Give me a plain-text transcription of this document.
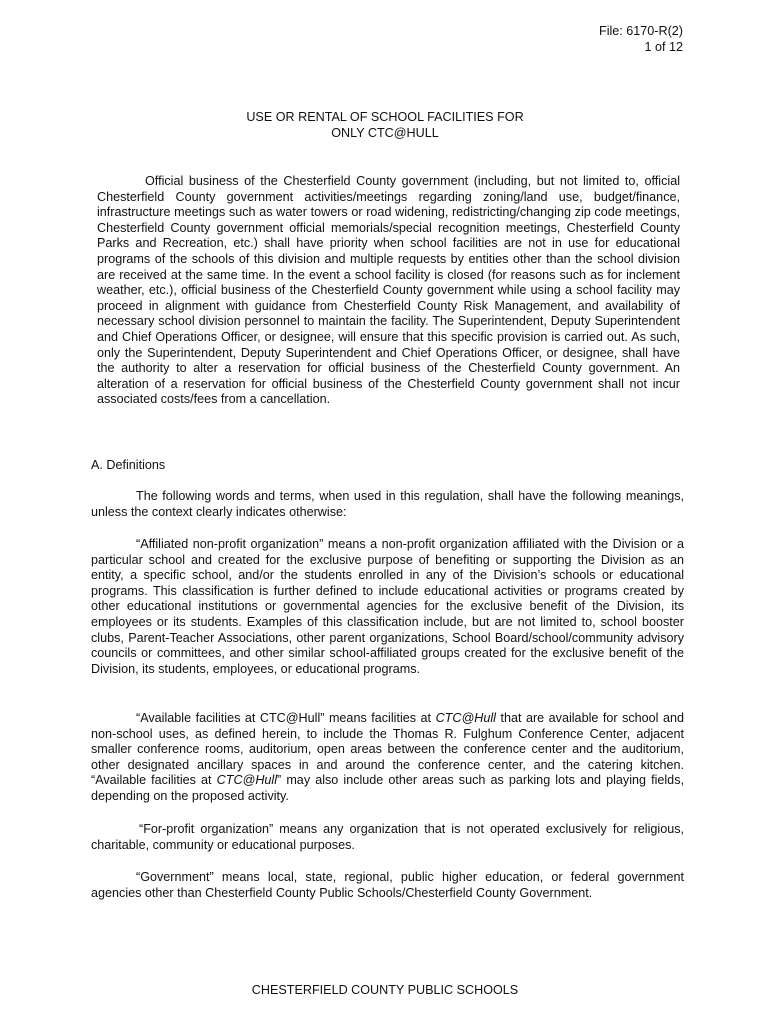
File: 6170-R(2)
1 of 12
USE OR RENTAL OF SCHOOL FACILITIES FOR
ONLY CTC@HULL

Official business of the Chesterfield County government (including, but not limited to, official Chesterfield County government activities/meetings regarding zoning/land use, budget/finance, infrastructure meetings such as water towers or road widening, redistricting/changing zip code meetings, Chesterfield County government official memorials/special recognition meetings, Chesterfield County Parks and Recreation, etc.) shall have priority when school facilities are not in use for educational programs of the schools of this division and multiple requests by entities other than the school division are received at the same time. In the event a school facility is closed (for reasons such as for inclement weather, etc.), official business of the Chesterfield County government while using a school facility may proceed in alignment with guidance from Chesterfield County Risk Management, and availability of necessary school division personnel to maintain the facility. The Superintendent, Deputy Superintendent and Chief Operations Officer, or designee, will ensure that this specific provision is carried out. As such, only the Superintendent, Deputy Superintendent and Chief Operations Officer, or designee, shall have the authority to alter a reservation for official business of the Chesterfield County government. An alteration of a reservation for official business of the Chesterfield County government shall not incur associated costs/fees from a cancellation.

A. Definitions

The following words and terms, when used in this regulation, shall have the following meanings, unless the context clearly indicates otherwise:

“Affiliated non-profit organization” means a non-profit organization affiliated with the Division or a particular school and created for the exclusive purpose of benefiting or supporting the Division as an entity, a specific school, and/or the students enrolled in any of the Division’s schools or educational programs. This classification is further defined to include educational activities or programs created by other educational institutions or governmental agencies for the exclusive benefit of the Division, its employees or its students. Examples of this classification include, but are not limited to, school booster clubs, Parent-Teacher Associations, other parent organizations, School Board/school/community advisory councils or committees, and other similar school-affiliated groups created for the exclusive benefit of the Division, its students, employees, or educational programs.

“Available facilities at CTC@Hull” means facilities at CTC@Hull that are available for school and non-school uses, as defined herein, to include the Thomas R. Fulghum Conference Center, adjacent smaller conference rooms, auditorium, open areas between the conference center and the auditorium, other designated ancillary spaces in and around the conference center, and the catering kitchen. “Available facilities at CTC@Hull” may also include other areas such as parking lots and playing fields, depending on the proposed activity.

“For-profit organization” means any organization that is not operated exclusively for religious, charitable, community or educational purposes.

“Government” means local, state, regional, public higher education, or federal government agencies other than Chesterfield County Public Schools/Chesterfield County Government.

CHESTERFIELD COUNTY PUBLIC SCHOOLS
